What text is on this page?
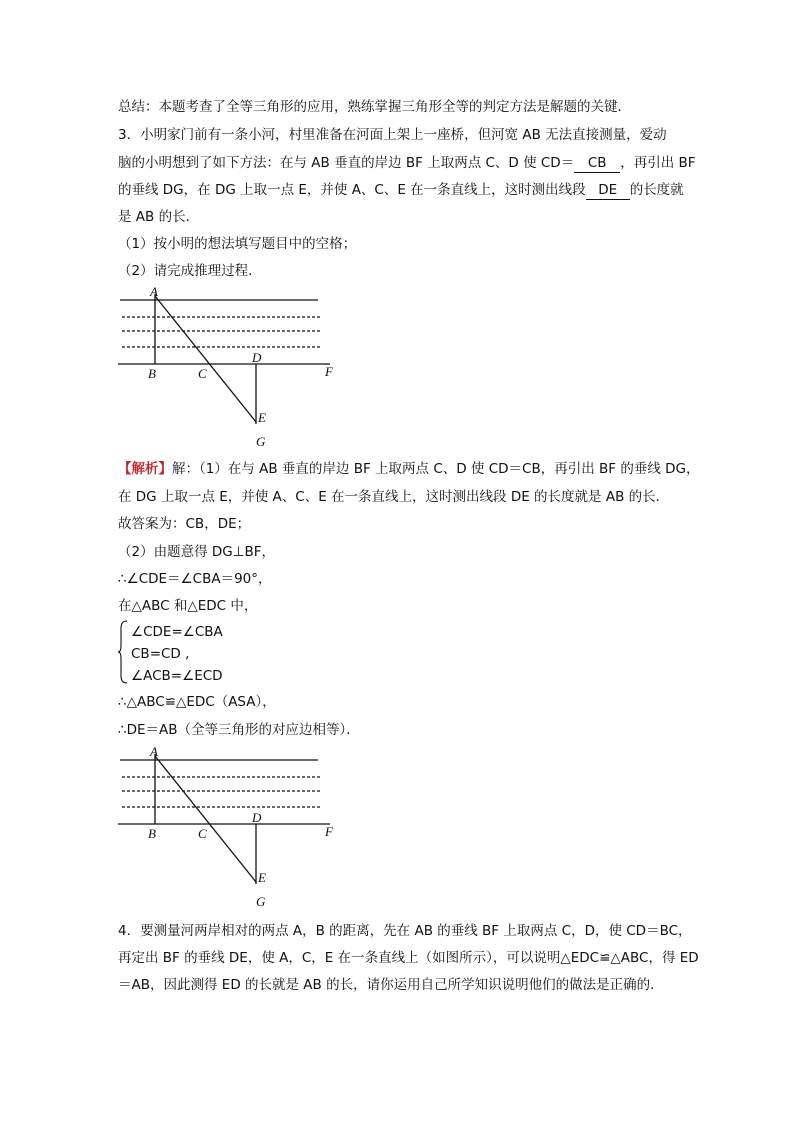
总结：本题考查了全等三角形的应用，熟练掌握三角形全等的判定方法是解题的关键．
3．小明家门前有一条小河，村里准备在河面上架上一座桥，但河宽 AB 无法直接测量，爱动
脑的小明想到了如下方法：在与 AB 垂直的岸边 BF 上取两点 C、D 使 CD＝ CB ，再引出 BF
的垂线 DG，在 DG 上取一点 E，并使 A、C、E 在一条直线上，这时测出线段 DE 的长度就
是 AB 的长．
（1）按小明的想法填写题目中的空格；
（2）请完成推理过程．
A
B	C
D
F
E
G
【解析】解：（1）在与 AB 垂直的岸边 BF 上取两点 C、D 使 CD＝CB，再引出 BF 的垂线 DG，
在 DG 上取一点 E，并使 A、C、E 在一条直线上，这时测出线段 DE 的长度就是 AB 的长．
故答案为：CB，DE；
（2）由题意得 DG⊥BF，
∴∠CDE＝∠CBA＝90°，
在△ABC 和△EDC 中，
∠CDE=∠CBA
CB=CD ,
∠ACB=∠ECD
∴△ABC≌△EDC（ASA），
∴DE＝AB（全等三角形的对应边相等）．
A
B	C
D
F
E
G
4．要测量河两岸相对的两点 A，B 的距离，先在 AB 的垂线 BF 上取两点 C，D，使 CD＝BC，
再定出 BF 的垂线 DE，使 A，C，E 在一条直线上（如图所示），可以说明△EDC≌△ABC，得 ED
＝AB，因此测得 ED 的长就是 AB 的长，请你运用自己所学知识说明他们的做法是正确的．
